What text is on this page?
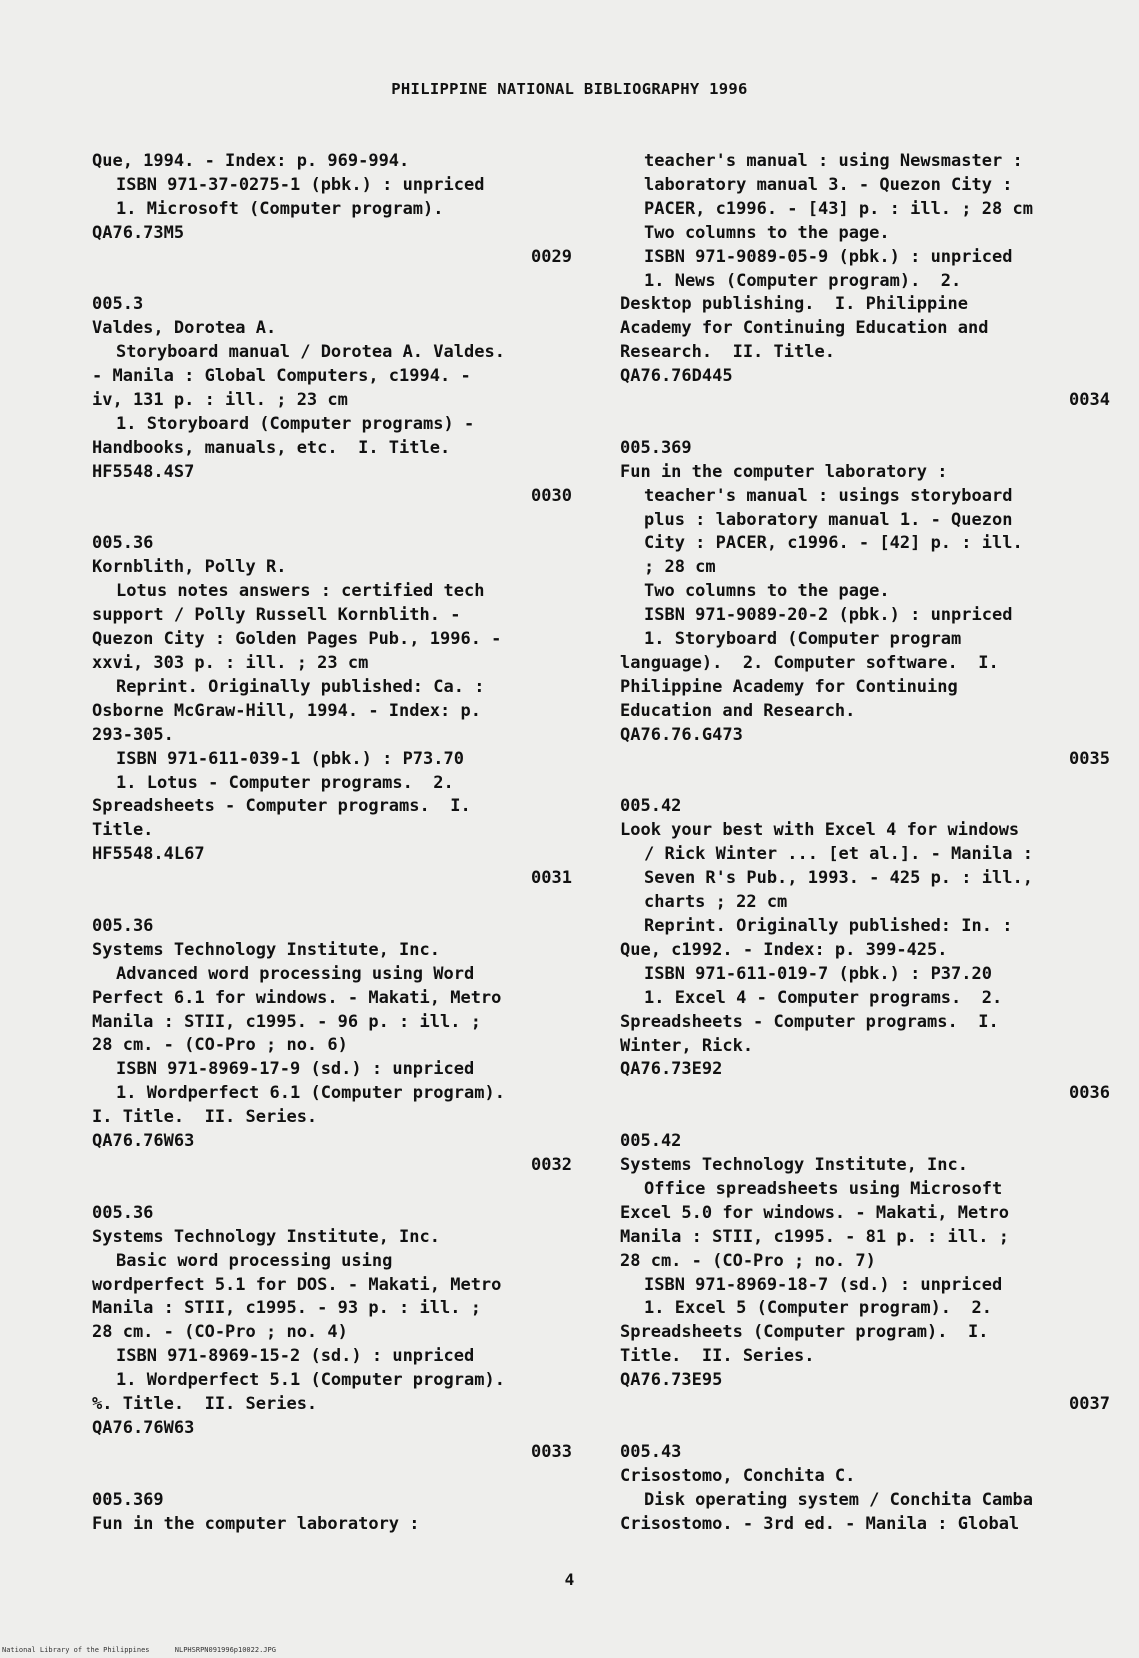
PHILIPPINE NATIONAL BIBLIOGRAPHY 1996
Que, 1994. - Index: p. 969-994.
ISBN 971-37-0275-1 (pbk.) : unpriced
1. Microsoft (Computer program).
QA76.73M5
0029
005.3
Valdes, Dorotea A.
Storyboard manual / Dorotea A. Valdes.
- Manila : Global Computers, c1994. -
iv, 131 p. : ill. ; 23 cm
1. Storyboard (Computer programs) -
Handbooks, manuals, etc.  I. Title.
HF5548.4S7
0030
005.36
Kornblith, Polly R.
Lotus notes answers : certified tech
support / Polly Russell Kornblith. -
Quezon City : Golden Pages Pub., 1996. -
xxvi, 303 p. : ill. ; 23 cm
Reprint. Originally published: Ca. :
Osborne McGraw-Hill, 1994. - Index: p.
293-305.
ISBN 971-611-039-1 (pbk.) : P73.70
1. Lotus - Computer programs.  2.
Spreadsheets - Computer programs.  I.
Title.
HF5548.4L67
0031
005.36
Systems Technology Institute, Inc.
Advanced word processing using Word
Perfect 6.1 for windows. - Makati, Metro
Manila : STII, c1995. - 96 p. : ill. ;
28 cm. - (CO-Pro ; no. 6)
ISBN 971-8969-17-9 (sd.) : unpriced
1. Wordperfect 6.1 (Computer program).
I. Title.  II. Series.
QA76.76W63
0032
005.36
Systems Technology Institute, Inc.
Basic word processing using
wordperfect 5.1 for DOS. - Makati, Metro
Manila : STII, c1995. - 93 p. : ill. ;
28 cm. - (CO-Pro ; no. 4)
ISBN 971-8969-15-2 (sd.) : unpriced
1. Wordperfect 5.1 (Computer program).
%. Title.  II. Series.
QA76.76W63
0033
005.369
Fun in the computer laboratory :
teacher's manual : using Newsmaster :
laboratory manual 3. - Quezon City :
PACER, c1996. - [43] p. : ill. ; 28 cm
Two columns to the page.
ISBN 971-9089-05-9 (pbk.) : unpriced
1. News (Computer program).  2.
Desktop publishing.  I. Philippine
Academy for Continuing Education and
Research.  II. Title.
QA76.76D445
0034
005.369
Fun in the computer laboratory :
teacher's manual : usings storyboard
plus : laboratory manual 1. - Quezon
City : PACER, c1996. - [42] p. : ill.
; 28 cm
Two columns to the page.
ISBN 971-9089-20-2 (pbk.) : unpriced
1. Storyboard (Computer program
language).  2. Computer software.  I.
Philippine Academy for Continuing
Education and Research.
QA76.76.G473
0035
005.42
Look your best with Excel 4 for windows
/ Rick Winter ... [et al.]. - Manila :
Seven R's Pub., 1993. - 425 p. : ill.,
charts ; 22 cm
Reprint. Originally published: In. :
Que, c1992. - Index: p. 399-425.
ISBN 971-611-019-7 (pbk.) : P37.20
1. Excel 4 - Computer programs.  2.
Spreadsheets - Computer programs.  I.
Winter, Rick.
QA76.73E92
0036
005.42
Systems Technology Institute, Inc.
Office spreadsheets using Microsoft
Excel 5.0 for windows. - Makati, Metro
Manila : STII, c1995. - 81 p. : ill. ;
28 cm. - (CO-Pro ; no. 7)
ISBN 971-8969-18-7 (sd.) : unpriced
1. Excel 5 (Computer program).  2.
Spreadsheets (Computer program).  I.
Title.  II. Series.
QA76.73E95
0037
005.43
Crisostomo, Conchita C.
Disk operating system / Conchita Camba
Crisostomo. - 3rd ed. - Manila : Global
4
National Library of the Philippines      NLPHSRPN091996p10022.JPG
